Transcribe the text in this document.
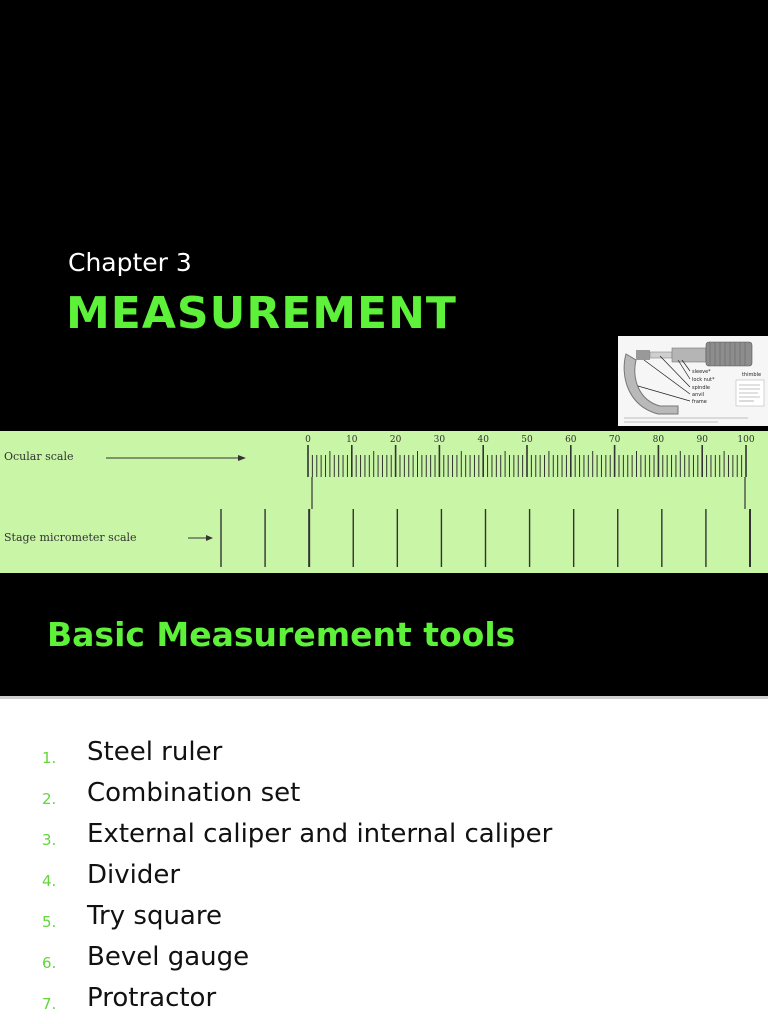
Chapter 3
MEASUREMENT
sleeve*
lock nut*
spindle
anvil
frame
thimble
Ocular scale
Stage micrometer scale
0	10	20	30	40	50	60	70	80	90	100
Basic Measurement tools
1.	Steel ruler
2.	Combination set
3.	External caliper and internal caliper
4.	Divider
5.	Try square
6.	Bevel gauge
7.	Protractor
